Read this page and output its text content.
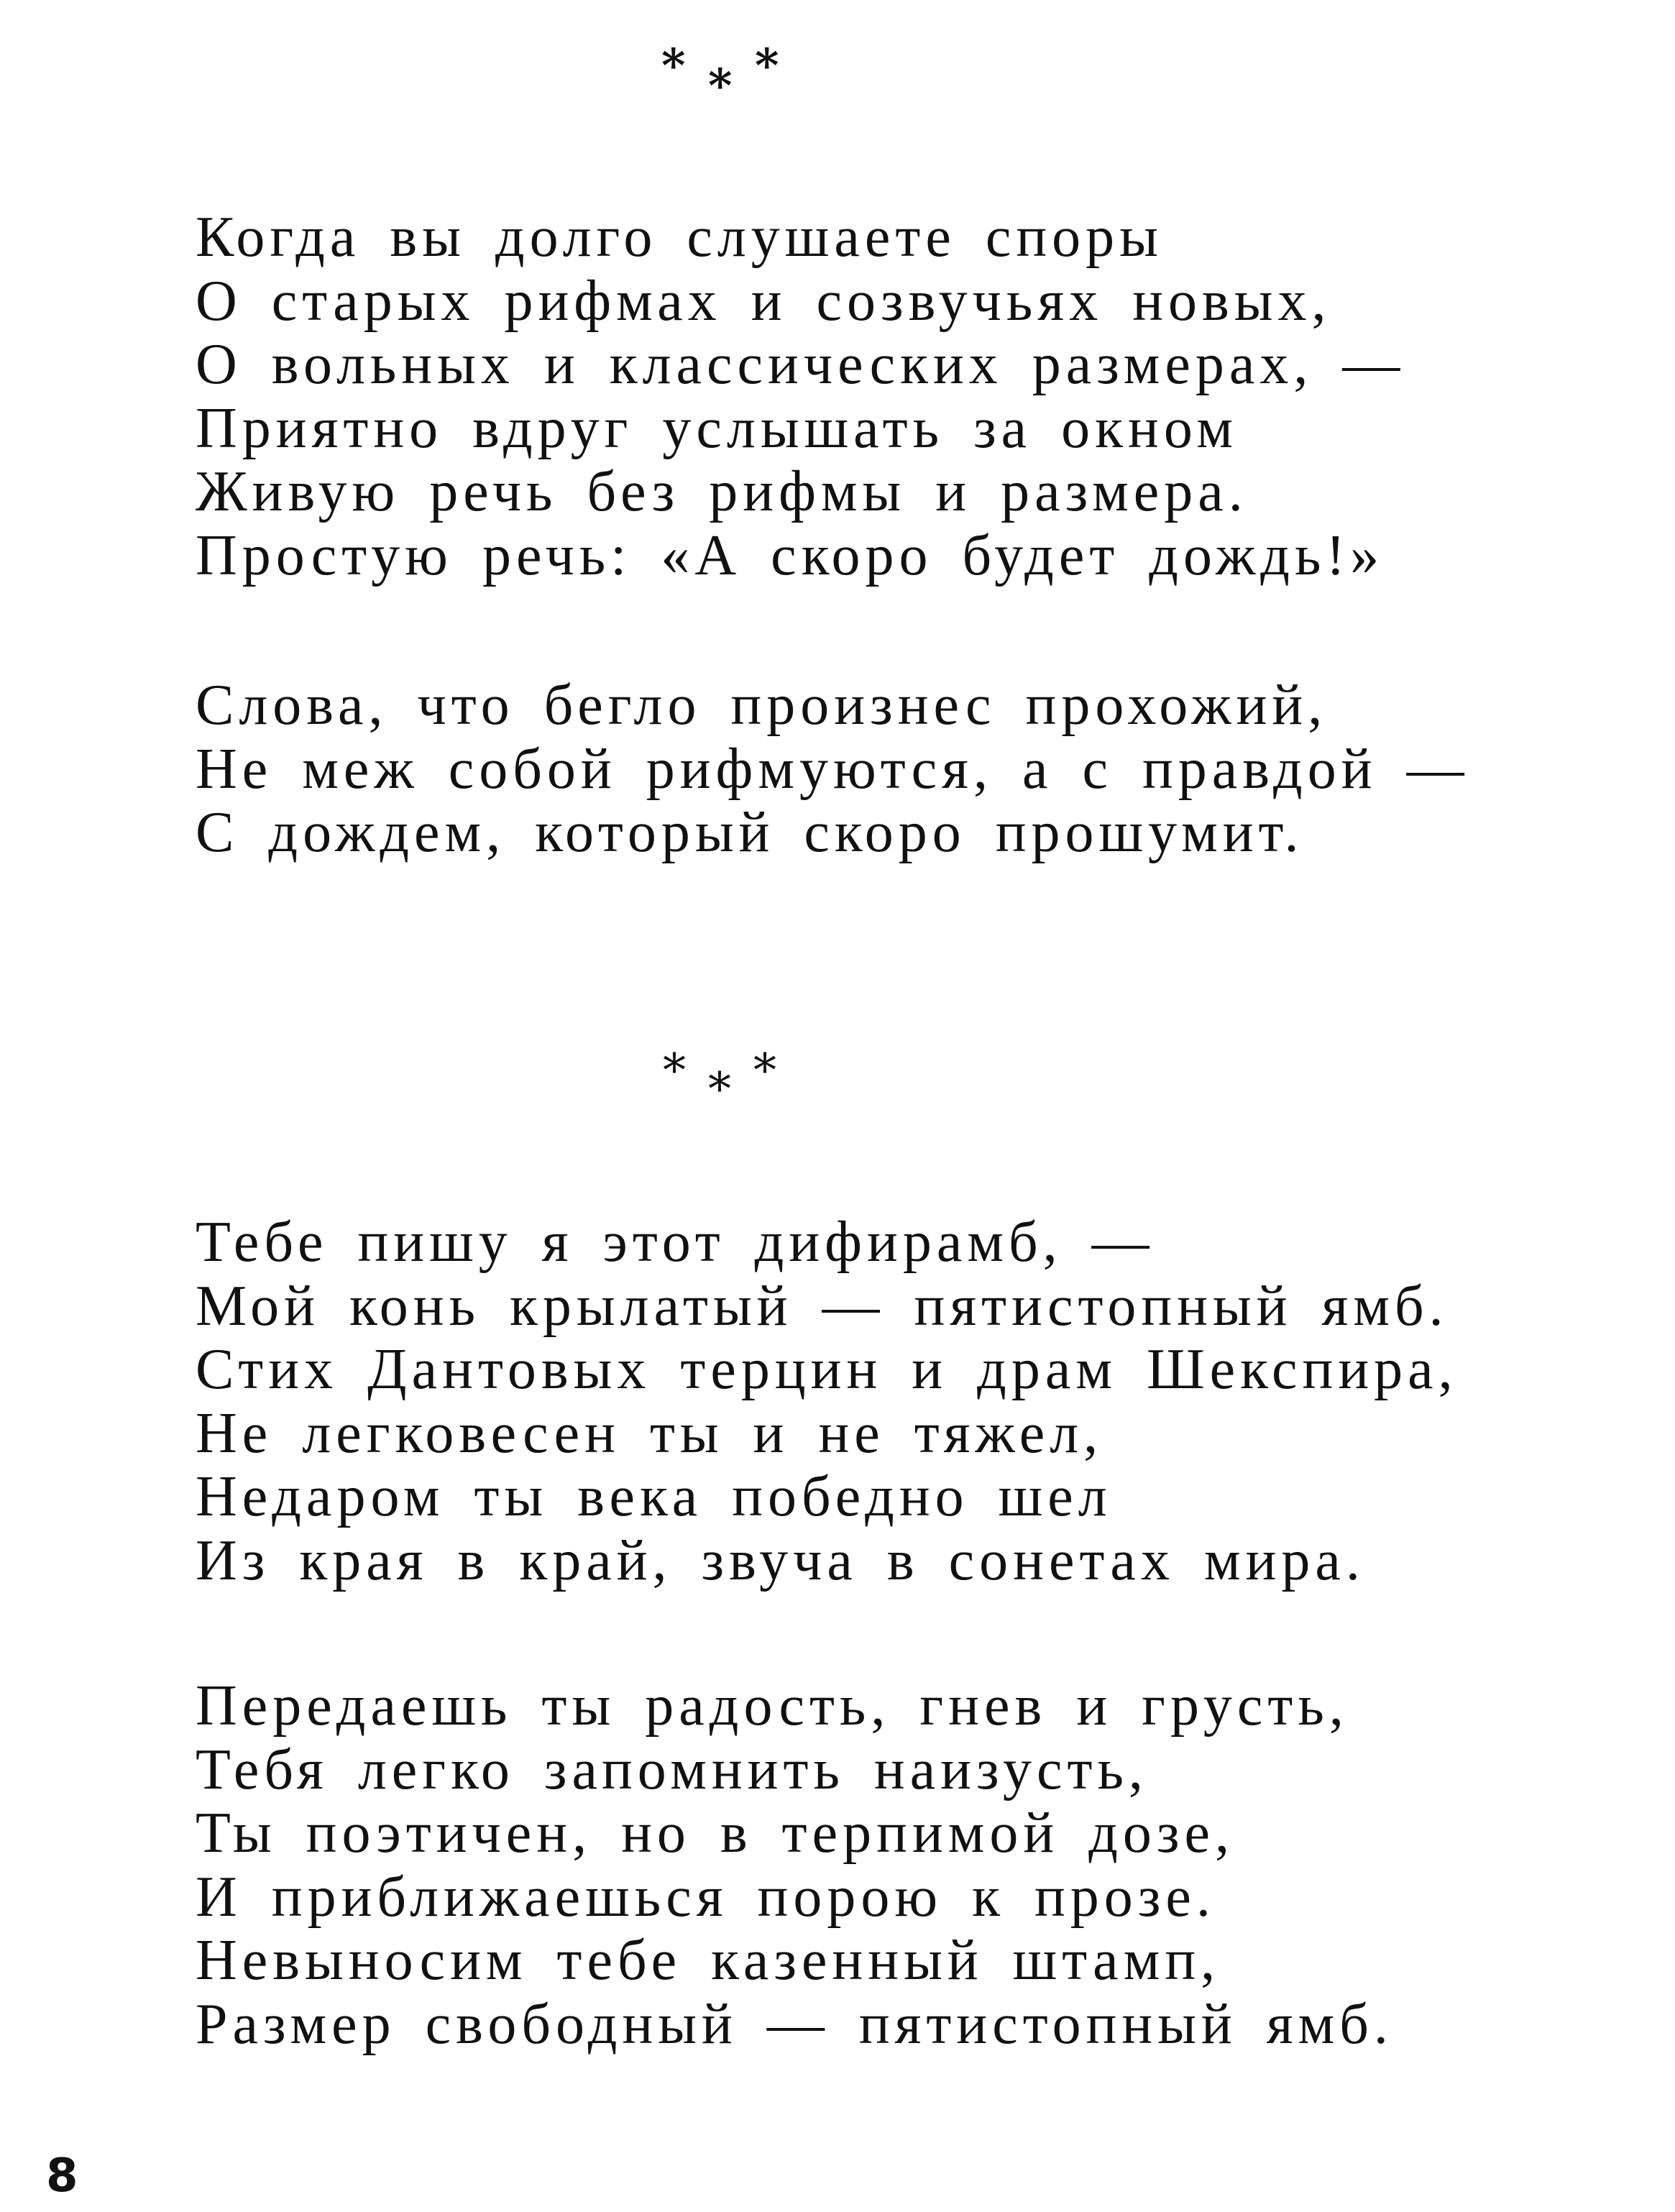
* * *
Когда вы долго слушаете споры
О старых рифмах и созвучьях новых,
О вольных и классических размерах, —
Приятно вдруг услышать за окном
Живую речь без рифмы и размера.
Простую речь: «А скоро будет дождь!»
Слова, что бегло произнес прохожий,
Не меж собой рифмуются, а с правдой —
С дождем, который скоро прошумит.
* * *
Тебе пишу я этот дифирамб, —
Мой конь крылатый — пятистопный ямб.
Стих Дантовых терцин и драм Шекспира,
Не легковесен ты и не тяжел,
Недаром ты века победно шел
Из края в край, звуча в сонетах мира.
Передаешь ты радость, гнев и грусть,
Тебя легко запомнить наизусть,
Ты поэтичен, но в терпимой дозе,
И приближаешься порою к прозе.
Невыносим тебе казенный штамп,
Размер свободный — пятистопный ямб.
8
